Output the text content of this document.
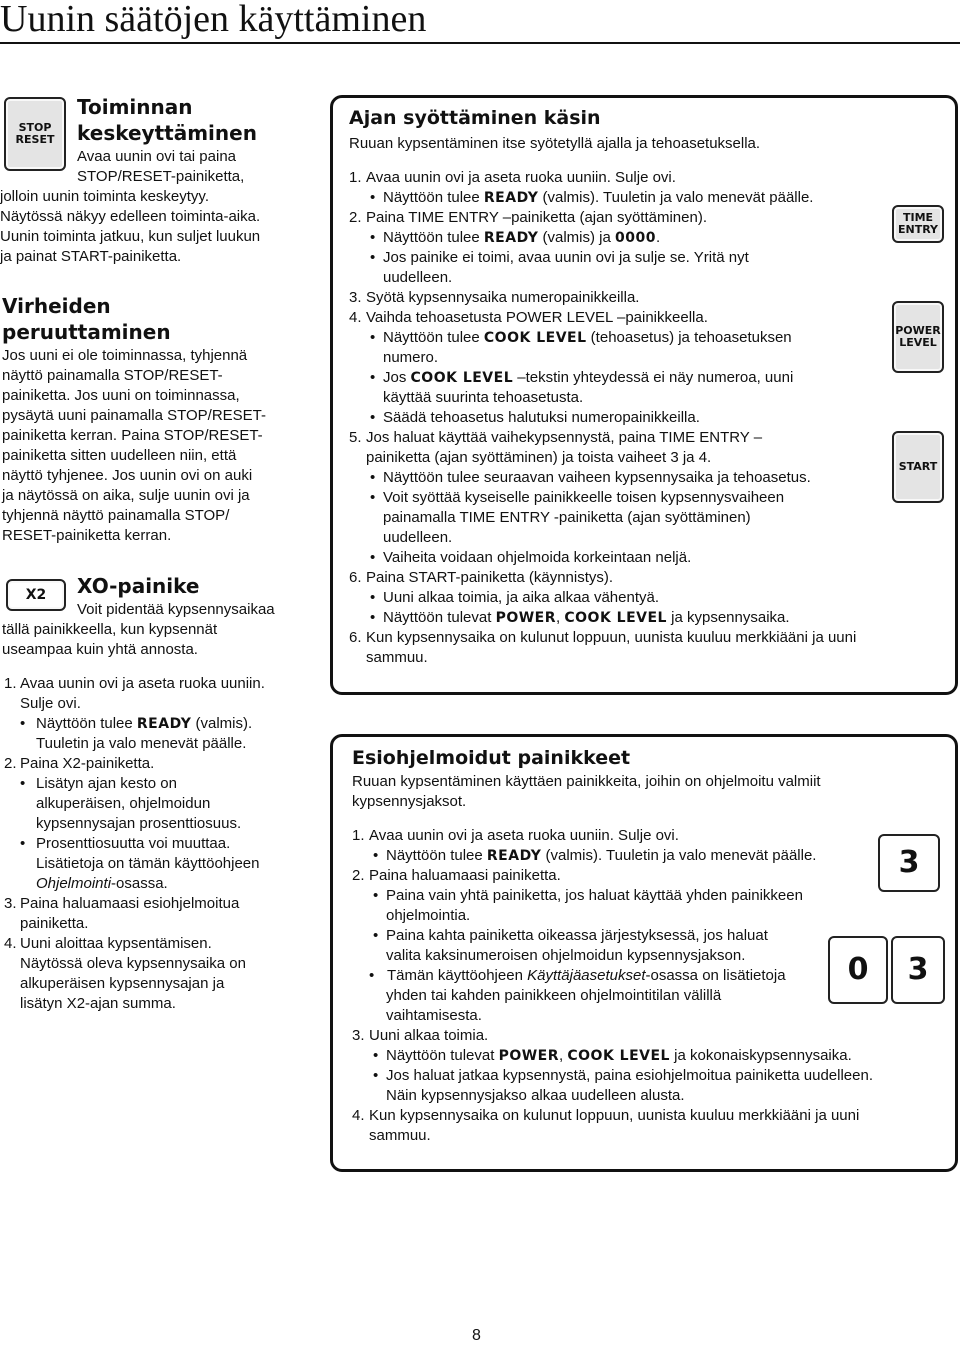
Uunin säätöjen käyttäminen
STOP
RESET
Toiminnan
keskeyttäminen

Avaa uunin ovi tai paina

STOP/RESET-painiketta,

jolloin uunin toiminta keskeytyy.

Näytössä näkyy edelleen toiminta-aika.

Uunin toiminta jatkuu, kun suljet luukun

ja painat START-painiketta.

Virheiden
peruuttaminen

Jos uuni ei ole toiminnassa, tyhjennä

näyttö painamalla STOP/RESET-

painiketta. Jos uuni on toiminnassa,

pysäytä uuni painamalla STOP/RESET-

painiketta kerran. Paina STOP/RESET-

painiketta sitten uudelleen niin, että

näyttö tyhjenee. Jos uunin ovi on auki

ja näytössä on aika, sulje uunin ovi ja

tyhjennä näyttö painamalla STOP/

RESET-painiketta kerran.

X2	XO-painike

Voit pidentää kypsennysaikaa

tällä painikkeella, kun kypsennät

useampaa kuin yhtä annosta.

1. Avaa uunin ovi ja aseta ruoka uuniin.
Sulje ovi.
• Näyttöön tulee READY (valmis).
Tuuletin ja valo menevät päälle.
2. Paina X2-painiketta.
• Lisätyn ajan kesto on
alkuperäisen, ohjelmoidun
kypsennysajan prosenttiosuus.
• Prosenttiosuutta voi muuttaa.
Lisätietoja on tämän käyttöohjeen
Ohjelmointi-osassa.
3. Paina haluamaasi esiohjelmoitua
painiketta.
4. Uuni aloittaa kypsentämisen.
Näytössä oleva kypsennysaika on
alkuperäisen kypsennysajan ja
lisätyn X2-ajan summa.
Ajan syöttäminen käsin
Ruuan kypsentäminen itse syötetyllä ajalla ja tehoasetuksella.
1. Avaa uunin ovi ja aseta ruoka uuniin. Sulje ovi.
• Näyttöön tulee READY (valmis). Tuuletin ja valo menevät päälle.
2. Paina TIME ENTRY –painiketta (ajan syöttäminen).
• Näyttöön tulee READY (valmis) ja 0000.
• Jos painike ei toimi, avaa uunin ovi ja sulje se. Yritä nyt
uudelleen.
3. Syötä kypsennysaika numeropainikkeilla.
4. Vaihda tehoasetusta POWER LEVEL –painikkeella.
• Näyttöön tulee COOK LEVEL (tehoasetus) ja tehoasetuksen
numero.
• Jos COOK LEVEL –tekstin yhteydessä ei näy numeroa, uuni
käyttää suurinta tehoasetusta.
• Säädä tehoasetus halutuksi numeropainikkeilla.
5. Jos haluat käyttää vaihekypsennystä, paina TIME ENTRY –
painiketta (ajan syöttäminen) ja toista vaiheet 3 ja 4.
• Näyttöön tulee seuraavan vaiheen kypsennysaika ja tehoasetus.
• Voit syöttää kyseiselle painikkeelle toisen kypsennysvaiheen
painamalla TIME ENTRY -painiketta (ajan syöttäminen)
uudelleen.
• Vaiheita voidaan ohjelmoida korkeintaan neljä.
6. Paina START-painiketta (käynnistys).
• Uuni alkaa toimia, ja aika alkaa vähentyä.
• Näyttöön tulevat POWER, COOK LEVEL ja kypsennysaika.
6. Kun kypsennysaika on kulunut loppuun, uunista kuuluu merkkiääni ja uuni
sammuu.
TIME
ENTRY
POWER
LEVEL
START
Esiohjelmoidut painikkeet

Ruuan kypsentäminen käyttäen painikkeita, joihin on ohjelmoitu valmiit

kypsennysjaksot.

1. Avaa uunin ovi ja aseta ruoka uuniin. Sulje ovi.
• Näyttöön tulee READY (valmis). Tuuletin ja valo menevät päälle.
2. Paina haluamaasi painiketta.
• Paina vain yhtä painiketta, jos haluat käyttää yhden painikkeen
ohjelmointia.
• Paina kahta painiketta oikeassa järjestyksessä, jos haluat
valita kaksinumeroisen ohjelmoidun kypsennysjakson.
• Tämän käyttöohjeen Käyttäjäasetukset-osassa on lisätietoja
yhden tai kahden painikkeen ohjelmointitilan välillä
vaihtamisesta.
3. Uuni alkaa toimia.
• Näyttöön tulevat POWER, COOK LEVEL ja kokonaiskypsennysaika.
• Jos haluat jatkaa kypsennystä, paina esiohjelmoitua painiketta uudelleen.
Näin kypsennysjakso alkaa uudelleen alusta.
4. Kun kypsennysaika on kulunut loppuun, uunista kuuluu merkkiääni ja uuni
sammuu.
3
0	3
8
